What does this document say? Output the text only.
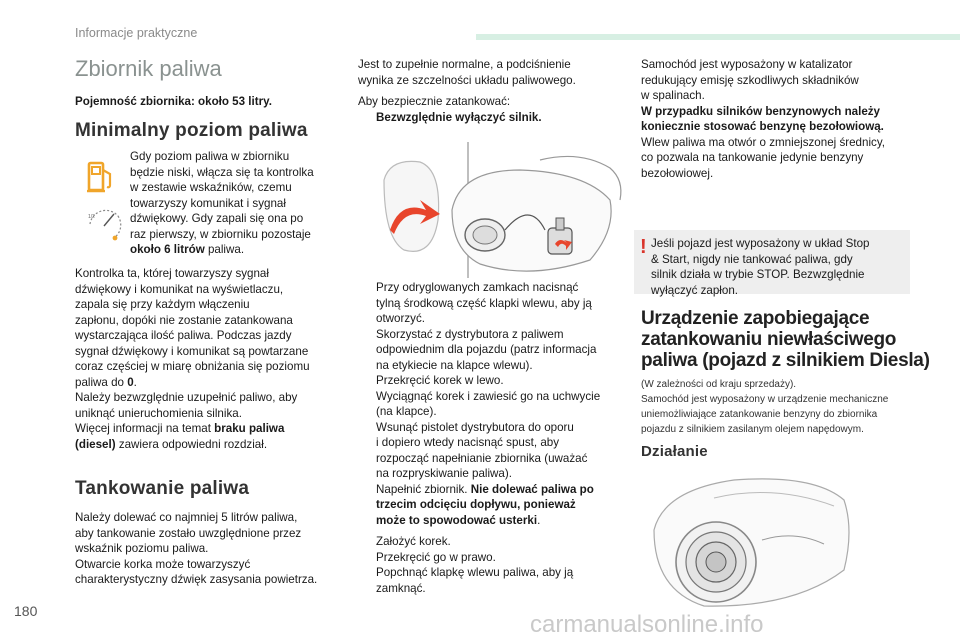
Informacje praktyczne
Zbiornik paliwa
Pojemność zbiornika: około 53 litry.
Minimalny poziom paliwa
1/2
Gdy poziom paliwa w zbiorniku
będzie niski, włącza się ta kontrolka
w zestawie wskaźników, czemu
towarzyszy komunikat i sygnał
dźwiękowy. Gdy zapali się ona po
raz pierwszy, w zbiorniku pozostaje
około 6 litrów paliwa.
Kontrolka ta, której towarzyszy sygnał
dźwiękowy i komunikat na wyświetlaczu,
zapala się przy każdym włączeniu
zapłonu, dopóki nie zostanie zatankowana
wystarczająca ilość paliwa. Podczas jazdy
sygnał dźwiękowy i komunikat są powtarzane
coraz częściej w miarę obniżania się poziomu
paliwa do 0.
Należy bezwzględnie uzupełnić paliwo, aby
uniknąć unieruchomienia silnika.
Więcej informacji na temat braku paliwa
(diesel) zawiera odpowiedni rozdział.
Tankowanie paliwa
Należy dolewać co najmniej 5 litrów paliwa,
aby tankowanie zostało uwzględnione przez
wskaźnik poziomu paliwa.
Otwarcie korka może towarzyszyć
charakterystyczny dźwięk zasysania powietrza.
Jest to zupełnie normalne, a podciśnienie
wynika ze szczelności układu paliwowego.
Aby bezpiecznie zatankować:
Bezwzględnie wyłączyć silnik.
Przy odryglowanych zamkach nacisnąć
tylną środkową część klapki wlewu, aby ją
otworzyć.
Skorzystać z dystrybutora z paliwem
odpowiednim dla pojazdu (patrz informacja
na etykiecie na klapce wlewu).
Przekręcić korek w lewo.
Wyciągnąć korek i zawiesić go na uchwycie
(na klapce).
Wsunąć pistolet dystrybutora do oporu
i dopiero wtedy nacisnąć spust, aby
rozpocząć napełnianie zbiornika (uważać
na rozpryskiwanie paliwa).
Napełnić zbiornik. Nie dolewać paliwa po
trzecim odcięciu dopływu, ponieważ
może to spowodować usterki.
Założyć korek.
Przekręcić go w prawo.
Popchnąć klapkę wlewu paliwa, aby ją
zamknąć.
Samochód jest wyposażony w katalizator
redukujący emisję szkodliwych składników
w spalinach.
W przypadku silników benzynowych należy
koniecznie stosować benzynę bezołowiową.
Wlew paliwa ma otwór o zmniejszonej średnicy,
co pozwala na tankowanie jedynie benzyny
bezołowiowej.
! Jeśli pojazd jest wyposażony w układ Stop
& Start, nigdy nie tankować paliwa, gdy
silnik działa w trybie STOP. Bezwzględnie
wyłączyć zapłon.
Urządzenie zapobiegające
zatankowaniu niewłaściwego
paliwa (pojazd z silnikiem Diesla)
(W zależności od kraju sprzedaży).
Samochód jest wyposażony w urządzenie mechaniczne
uniemożliwiające zatankowanie benzyny do zbiornika
pojazdu z silnikiem zasilanym olejem napędowym.
Działanie
180	carmanualsonline.info
